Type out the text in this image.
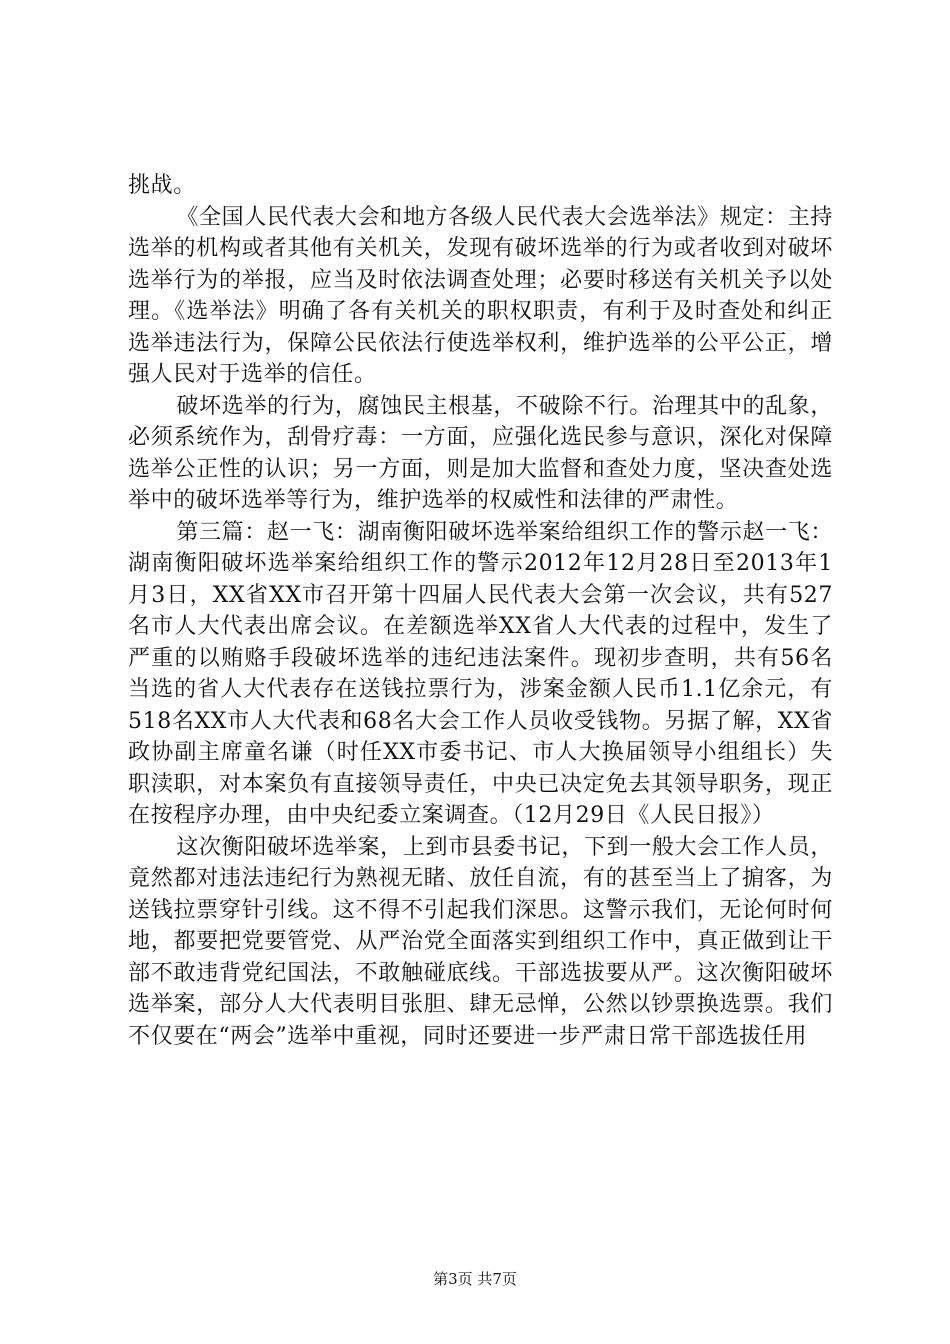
挑战。

《全国人民代表大会和地方各级人民代表大会选举法》规定：主持选举的机构或者其他有关机关，发现有破坏选举的行为或者收到对破坏选举行为的举报，应当及时依法调查处理；必要时移送有关机关予以处理。《选举法》明确了各有关机关的职权职责，有利于及时查处和纠正选举违法行为，保障公民依法行使选举权利，维护选举的公平公正，增强人民对于选举的信任。

破坏选举的行为，腐蚀民主根基，不破除不行。治理其中的乱象，必须系统作为，刮骨疗毒：一方面，应强化选民参与意识，深化对保障选举公正性的认识；另一方面，则是加大监督和查处力度，坚决查处选举中的破坏选举等行为，维护选举的权威性和法律的严肃性。

第三篇：赵一飞：湖南衡阳破坏选举案给组织工作的警示赵一飞：湖南衡阳破坏选举案给组织工作的警示2012年12月28日至2013年1月3日，XX省XX市召开第十四届人民代表大会第一次会议，共有527名市人大代表出席会议。在差额选举XX省人大代表的过程中，发生了严重的以贿赂手段破坏选举的违纪违法案件。现初步查明，共有56名当选的省人大代表存在送钱拉票行为，涉案金额人民币1.1亿余元，有518名XX市人大代表和68名大会工作人员收受钱物。另据了解，XX省政协副主席童名谦（时任XX市委书记、市人大换届领导小组组长）失职渎职，对本案负有直接领导责任，中央已决定免去其领导职务，现正在按程序办理，由中央纪委立案调查。（12月29日《人民日报》）

这次衡阳破坏选举案，上到市县委书记，下到一般大会工作人员，竟然都对违法违纪行为熟视无睹、放任自流，有的甚至当上了掮客，为送钱拉票穿针引线。这不得不引起我们深思。这警示我们，无论何时何地，都要把党要管党、从严治党全面落实到组织工作中，真正做到让干部不敢违背党纪国法，不敢触碰底线。干部选拔要从严。这次衡阳破坏选举案，部分人大代表明目张胆、肆无忌惮，公然以钞票换选票。我们不仅要在“两会”选举中重视，同时还要进一步严肃日常干部选拔任用

第3页 共7页
